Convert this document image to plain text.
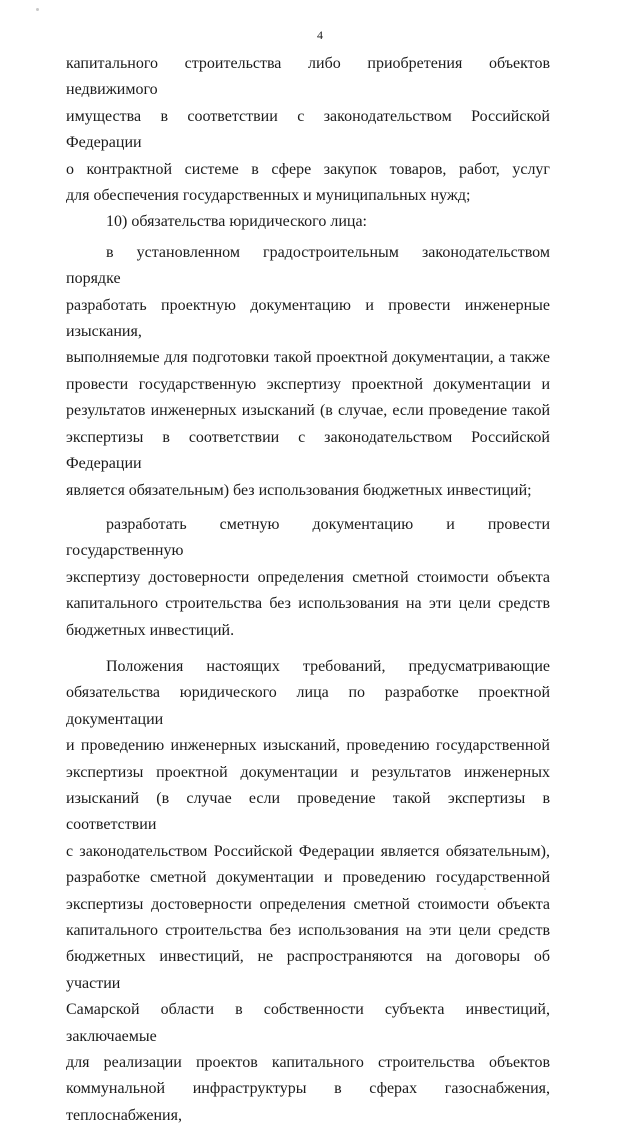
4
капитального строительства либо приобретения объектов недвижимого
имущества в соответствии с законодательством Российской Федерации
о контрактной системе в сфере закупок товаров, работ, услуг
для обеспечения государственных и муниципальных нужд;
10) обязательства юридического лица:
в установленном градостроительным законодательством порядке
разработать проектную документацию и провести инженерные изыскания,
выполняемые для подготовки такой проектной документации, а также
провести государственную экспертизу проектной документации и
результатов инженерных изысканий (в случае, если проведение такой
экспертизы в соответствии с законодательством Российской Федерации
является обязательным) без использования бюджетных инвестиций;
разработать сметную документацию и провести государственную
экспертизу достоверности определения сметной стоимости объекта
капитального строительства без использования на эти цели средств
бюджетных инвестиций.
Положения настоящих требований, предусматривающие
обязательства юридического лица по разработке проектной документации
и проведению инженерных изысканий, проведению государственной
экспертизы проектной документации и результатов инженерных
изысканий (в случае если проведение такой экспертизы в соответствии
с законодательством Российской Федерации является обязательным),
разработке сметной документации и проведению государственной
экспертизы достоверности определения сметной стоимости объекта
капитального строительства без использования на эти цели средств
бюджетных инвестиций, не распространяются на договоры об участии
Самарской области в собственности субъекта инвестиций, заключаемые
для реализации проектов капитального строительства объектов
коммунальной инфраструктуры в сферах газоснабжения, теплоснабжения,
